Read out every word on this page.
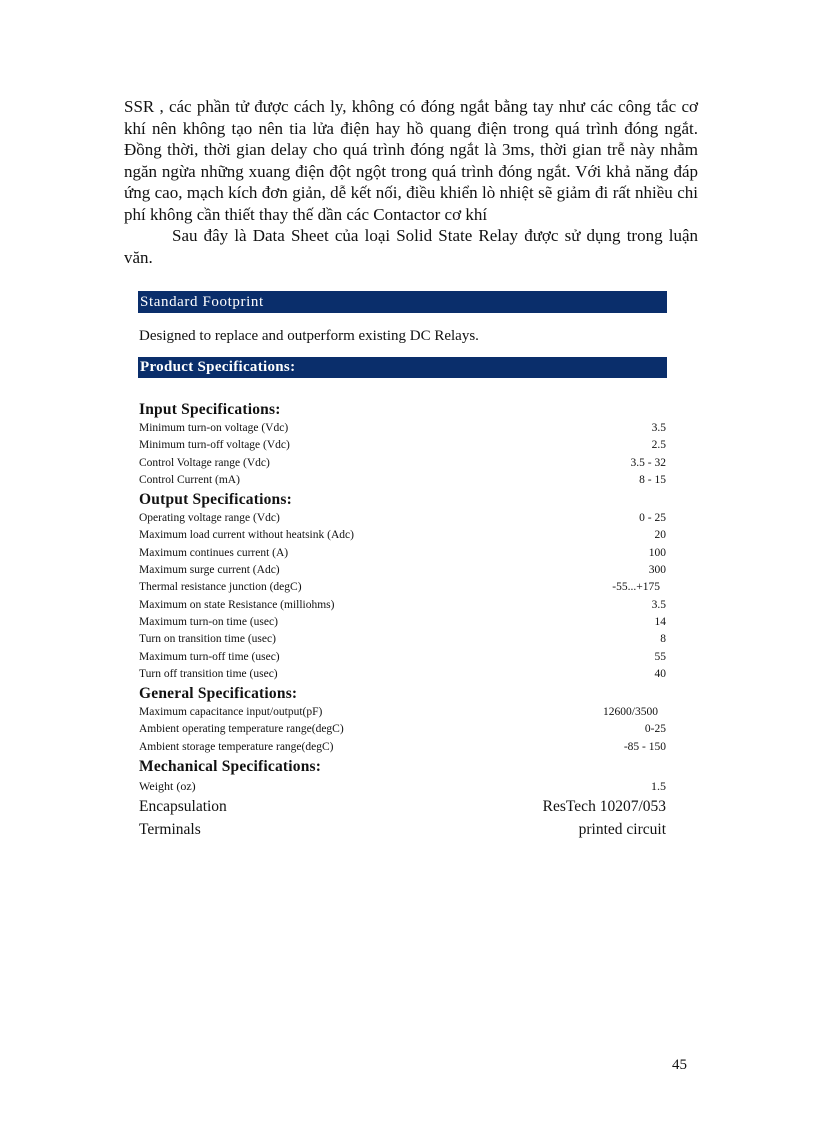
SSR , các phần tử được cách ly, không có đóng ngắt bằng tay như các công tắc cơ khí nên không tạo nên tia lửa điện hay hồ quang điện trong quá trình đóng ngắt. Đồng thời, thời gian delay cho quá trình đóng ngắt là 3ms, thời gian trễ này nhằm ngăn ngừa những xuang điện đột ngột trong quá trình đóng ngắt. Với khả năng đáp ứng cao, mạch kích đơn giản, dễ kết nối, điều khiển lò nhiệt sẽ giảm đi rất nhiều chi phí không cần thiết thay thế dần các Contactor cơ khí

Sau đây là Data Sheet của loại Solid State Relay được sử dụng trong luận văn.

Standard Footprint
Designed to replace and outperform existing DC Relays.
Product Specifications:
Input Specifications:
Minimum turn-on voltage (Vdc)	3.5
Minimum turn-off voltage (Vdc)	2.5
Control Voltage range (Vdc)	3.5 - 32
Control Current (mA)	8 - 15
Output Specifications:
Operating voltage range (Vdc)	0 - 25
Maximum load current without heatsink (Adc)	20
Maximum continues current (A)	100
Maximum surge current (Adc)	300
Thermal resistance junction (degC)	-55...+175
Maximum on state Resistance (milliohms)	3.5
Maximum turn-on time (usec)	14
Turn on transition time (usec)	8
Maximum turn-off time (usec)	55
Turn off transition time (usec)	40
General Specifications:
Maximum capacitance input/output(pF)	12600/3500
Ambient operating temperature range(degC)	0-25
Ambient storage temperature range(degC)	-85 - 150
Mechanical Specifications:
Weight (oz)	1.5
Encapsulation	ResTech 10207/053
Terminals	printed circuit
45
